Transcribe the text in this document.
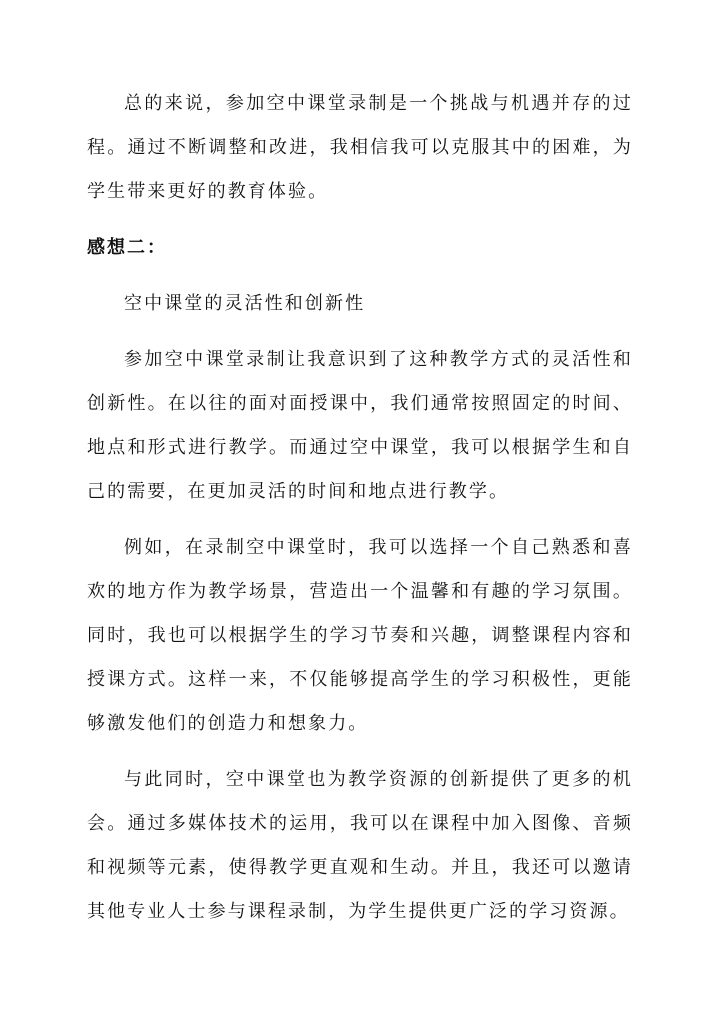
总的来说，参加空中课堂录制是一个挑战与机遇并存的过程。通过不断调整和改进，我相信我可以克服其中的困难，为学生带来更好的教育体验。

感想二：

空中课堂的灵活性和创新性

参加空中课堂录制让我意识到了这种教学方式的灵活性和创新性。在以往的面对面授课中，我们通常按照固定的时间、地点和形式进行教学。而通过空中课堂，我可以根据学生和自己的需要，在更加灵活的时间和地点进行教学。

例如，在录制空中课堂时，我可以选择一个自己熟悉和喜欢的地方作为教学场景，营造出一个温馨和有趣的学习氛围。同时，我也可以根据学生的学习节奏和兴趣，调整课程内容和授课方式。这样一来，不仅能够提高学生的学习积极性，更能够激发他们的创造力和想象力。

与此同时，空中课堂也为教学资源的创新提供了更多的机会。通过多媒体技术的运用，我可以在课程中加入图像、音频和视频等元素，使得教学更直观和生动。并且，我还可以邀请其他专业人士参与课程录制，为学生提供更广泛的学习资源。
